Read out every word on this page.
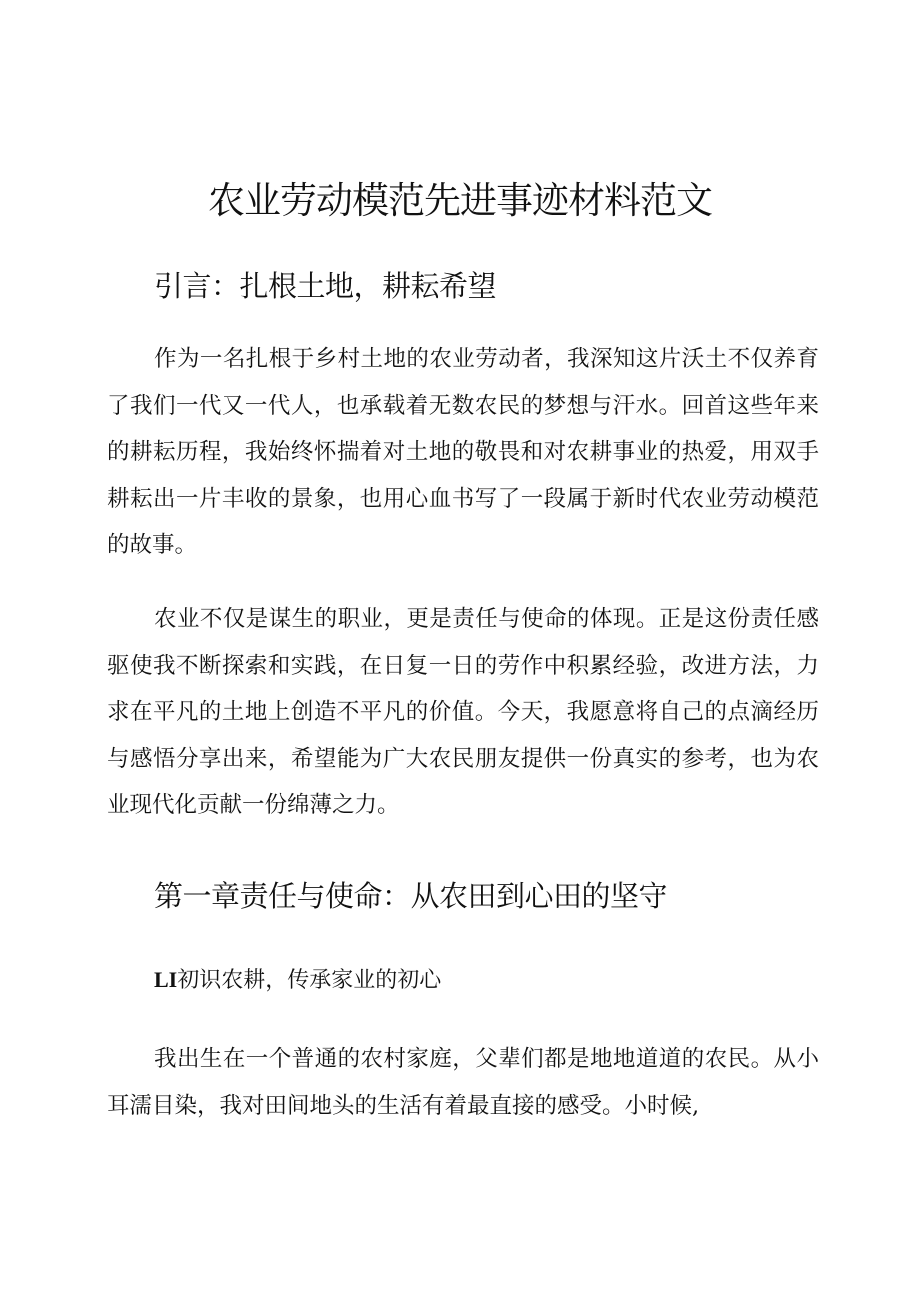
农业劳动模范先进事迹材料范文
引言：扎根土地，耕耘希望

作为一名扎根于乡村土地的农业劳动者，我深知这片沃土不仅养育了我们一代又一代人，也承载着无数农民的梦想与汗水。回首这些年来的耕耘历程，我始终怀揣着对土地的敬畏和对农耕事业的热爱，用双手耕耘出一片丰收的景象，也用心血书写了一段属于新时代农业劳动模范的故事。

农业不仅是谋生的职业，更是责任与使命的体现。正是这份责任感驱使我不断探索和实践，在日复一日的劳作中积累经验，改进方法，力求在平凡的土地上创造不平凡的价值。今天，我愿意将自己的点滴经历与感悟分享出来，希望能为广大农民朋友提供一份真实的参考，也为农业现代化贡献一份绵薄之力。

第一章责任与使命：从农田到心田的坚守
LI初识农耕，传承家业的初心

我出生在一个普通的农村家庭，父辈们都是地地道道的农民。从小耳濡目染，我对田间地头的生活有着最直接的感受。小时候,
